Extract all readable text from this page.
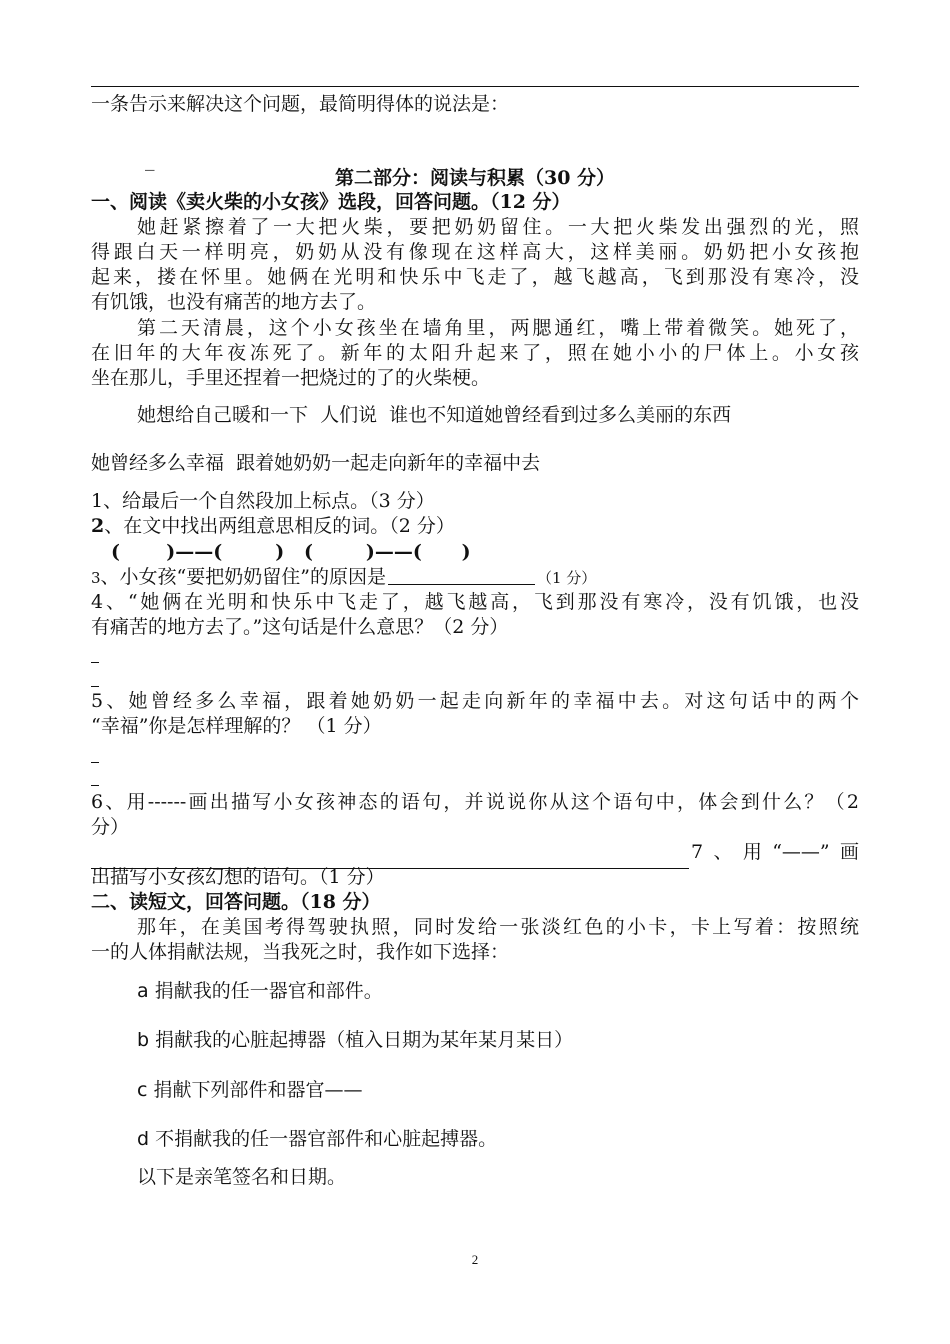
一条告示来解决这个问题，最简明得体的说法是：
_
第二部分：阅读与积累（30 分）
一、阅读《卖火柴的小女孩》选段，回答问题。（12 分）
她赶紧擦着了一大把火柴，要把奶奶留住。一大把火柴发出强烈的光，照
得跟白天一样明亮，奶奶从没有像现在这样高大，这样美丽。奶奶把小女孩抱
起来，搂在怀里。她俩在光明和快乐中飞走了，越飞越高，飞到那没有寒冷，没
有饥饿，也没有痛苦的地方去了。
第二天清晨，这个小女孩坐在墙角里，两腮通红，嘴上带着微笑。她死了，
在旧年的大年夜冻死了。新年的太阳升起来了，照在她小小的尸体上。小女孩
坐在那儿，手里还捏着一把烧过的了的火柴梗。
她想给自己暖和一下  人们说  谁也不知道她曾经看到过多么美丽的东西
她曾经多么幸福  跟着她奶奶一起走向新年的幸福中去
1、给最后一个自然段加上标点。（3 分）
2、在文中找出两组意思相反的词。（2 分）
(       )——(        )   (        )——(      )
3、小女孩“要把奶奶留住”的原因是	（1 分）
4、“她俩在光明和快乐中飞走了，越飞越高，飞到那没有寒冷，没有饥饿，也没
有痛苦的地方去了。”这句话是什么意思？（2 分）
5、她曾经多么幸福，跟着她奶奶一起走向新年的幸福中去。对这句话中的两个
“幸福”你是怎样理解的？ （1 分）
6、用------画出描写小女孩神态的语句，并说说你从这个语句中，体会到什么？（2
分）
7、用“——”画
出描写小女孩幻想的语句。（1 分）
二、读短文，回答问题。（18 分）
那年，在美国考得驾驶执照，同时发给一张淡红色的小卡，卡上写着：按照统
一的人体捐献法规，当我死之时，我作如下选择：
a 捐献我的任一器官和部件。
b 捐献我的心脏起搏器（植入日期为某年某月某日）
c 捐献下列部件和器官——
d 不捐献我的任一器官部件和心脏起搏器。
以下是亲笔签名和日期。
2
